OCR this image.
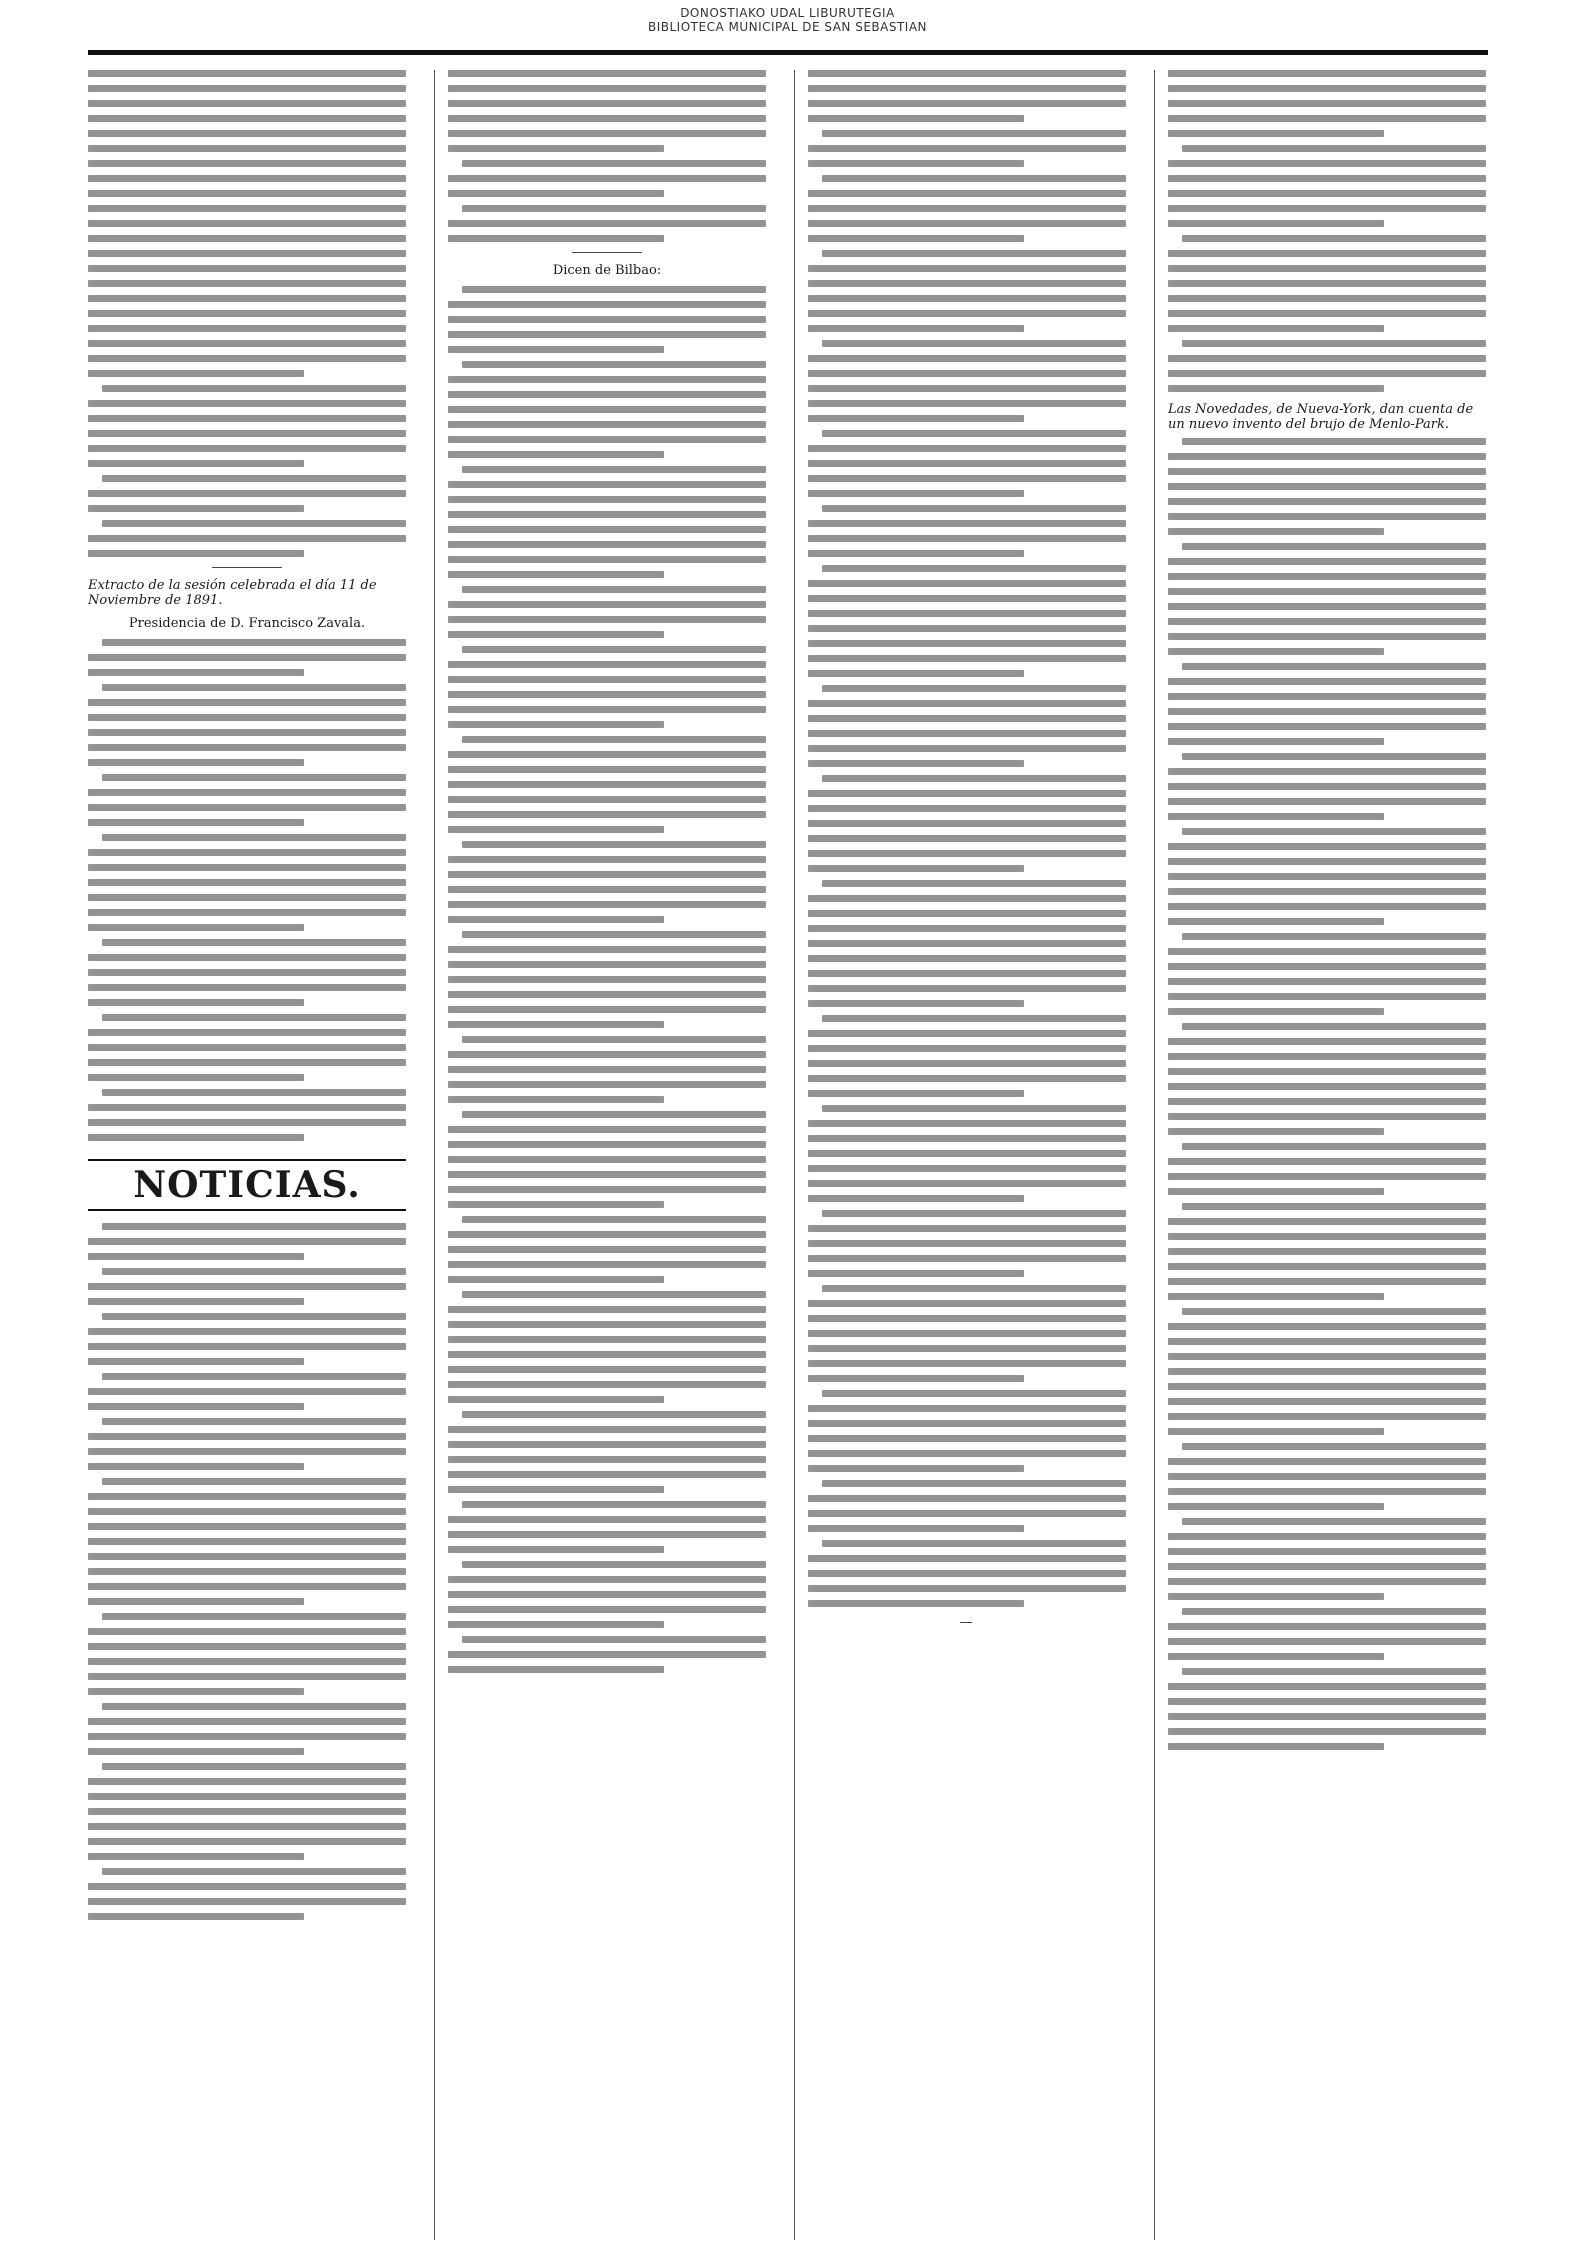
DONOSTIAKO UDAL LIBURUTEGIA
BIBLIOTECA MUNICIPAL DE SAN SEBASTIAN
Extracto de la sesión celebrada el día 11 de Noviembre de 1891.
Presidencia de D. Francisco Zavala.
NOTICIAS.
Dicen de Bilbao:
—
Las Novedades, de Nueva-York, dan cuenta de un nuevo invento del brujo de Menlo-Park.
